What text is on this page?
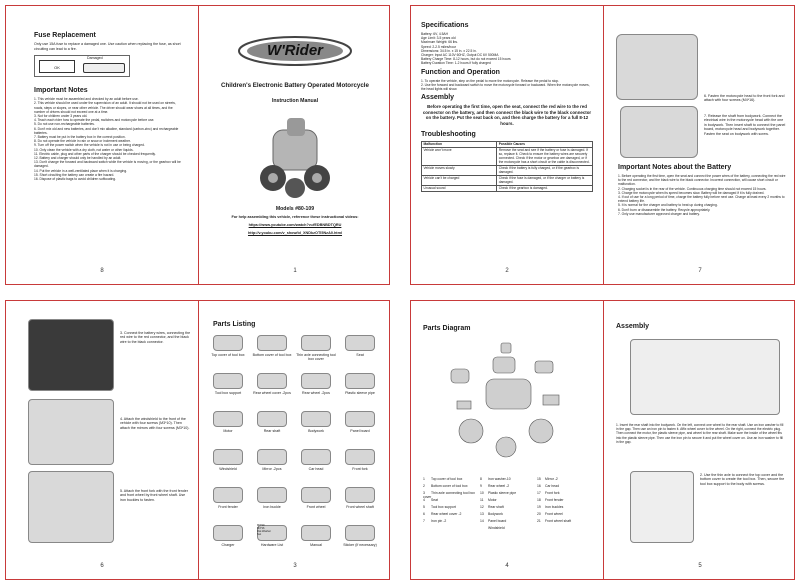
Fuse Replacement

Only use 15A fuse to replace a damaged one. Use caution when replacing the fuse, as short circuiting can lead to a fire.

OK
Damaged
Important Notes
1. This vehicle must be assembled and checked by an adult before use.
2. This vehicle should be used under the supervision of an adult. It should not be used on streets, roads, steps or slopes, or near other vehicle. The driver should wear shoes at all times, and the number of drivers should not exceed one at a time.
3. Not for children under 3 years old.
4. Teach each rider how to operate the pedal, switches and motorcycle before use.
5. Do not use non-rechargeable batteries.
6. Don't mix old and new batteries, and don't mix alkaline, standard (carbon-zinc) and rechargeable batteries.
7. Battery must be put in the battery box in the correct position.
8. Do not operate the vehicle in rain or snow or inclement weather.
9. Turn off the power switch when the vehicle is not in use or being charged.
10. Only clean the vehicle with a dry cloth, not water or other liquids.
11. Electric cable, plug and other parts of the charger should be checked frequently.
12. Battery and charger should only be handled by an adult.
13. Don't change the forward and backward switch while the vehicle is moving, or the gearbox will be damaged.
14. Put the vehicle in a well-ventilated place when it is charging.
15. Short circuiting the battery can create a fire hazard.
16. Dispose of plastic bags to avoid children suffocating.
8
W'Rider
Children's Electronic Battery Operated Motorcycle
Instruction Manual
Models #80-109
For help assembling this vehicle, reference these instructional videos:
https://www.youtube.com/watch?v=fEDBNBDTQRU
http://v.youku.com/v_show/id_XNDkzOTI5NzA0.html
1
Specifications
Battery: 6V, 4.5AH
Age Limit: 3-5 years old
Maximum Weight: 66 lbs.
Speed: 2-2.5 miles/hour
Dimensions: 34.5 in. x 15 in. x 22.5 in.
Charger: Input AC 110V 60HZ, Output DC 6V 500MA
Battery Charge Time: 8-12 hours, but do not exceed 15 hours
Battery Duration Time: 1-2 hours if fully charged
Function and Operation
1. To operate the vehicle, step on the pedal to move the motorcycle. Release the pedal to stop.
2. Use the forward and backward switch to move the motorcycle forward or backward. When the motorcycle moves, the head lights will show.
Assembly

Before operating the first time, open the seat, connect the red wire to the red connector on the battery, and then connect the black wire to the black connector on the battery. Put the seat back on, and then charge the battery for a full 8-12 hours.

Troubleshooting
Malfunction	Possible Causes
Vehicle won't move	Remove the seat and see if the battery or fuse is damaged. If so, replace it. Check to ensure the battery wires are securely connected. Check if the motor or gearbox are damaged, or if the motorcycle has a short circuit or the cable is disconnected.
Vehicle moves slowly	Check if the battery is fully charged, or if the gearbox is damaged.
Vehicle can't be charged	Check if the fuse is damaged, or if the charger or battery is damaged.
Unusual sound	Check if the gearbox is damaged.
2

6. Fasten the motorcycle head to the front fork and attach with four screws (M4*16).

7. Release the shaft from bodywork. Connect the electrical wire in the motorcycle head with the one in bodywork. Then insert shaft to connect the panel board, motorcycle head and bodywork together. Fasten the seat on bodywork with screw.

Important Notes about the Battery
1. Before operating the first time, open the seat and connect the power wires of the battery, connecting the red wire to the red connector, and the black wire to the black connector. Incorrect connection, will cause short circuit or malfunction.
2. Charging socket is in the rear of the vehicle. Continuous charging time should not exceed 15 hours.
3. Charge the motorcycle when its speed becomes slow. Battery will be damaged if it is fully drained.
4. If out of use for a long period of time, charge the battery fully before next use. Charge at least every 2 months to extend battery life.
5. It is normal for the charger and battery to heat up during charging.
6. Don't burn or disassemble the battery. Recycle appropriately.
7. Only use manufacturer approved charger and battery.
7

3. Connect the battery wires, connecting the red wire to the red connector, and the black wire to the black connector.

4. Attach the windshield to the front of the vehicle with four screws (M3*10). Then attach the mirrors with four screws (M3*10).

5. Attach the front fork with the front fender and front wheel by front wheel shaft. Use iron buckles to fasten.

6
Parts Listing
Top cover of tool box	Bottom cover of tool box	Thin axle connecting tool box cover
Seat
Tool box support	Rear wheel cover -2pcs	Rear wheel -2pcs	Plastic sleeve pipe
Motor	Rear shaft	Bodywork	Panel board
Windshield	Mirror -2pcs	Car head	Front fork
Front fender	Iron buckle	Front wheel	Front wheel shaft
Charger	Hardware List	Manual	Sticker (if necessary)
M3*10
M4*16
Flat Washer
Nut
3
Parts Diagram
1 Top cover of tool box	8 Iron washer-10	15 Mirror -2
2 Bottom cover of tool box	9 Rear wheel -2	16 Car head
3 Thin axle connecting tool box cover
10 Plastic sleeve pipe	17 Front fork
4 Seat	11 Motor	18 Front fender
5 Tool box support	12 Rear shaft	19 Iron buckles
6 Rear wheel cover -2	13 Bodywork	20 Front wheel
7 Iron pin -2	14 Panel board	21 Front wheel shaft
Windshield
4
Assembly

1. Insert the rear shaft into the bodywork. On the left, connect one wheel to the rear shaft. Use an iron washer to fill in the gap. Then use an iron pin to fasten it. Affix wheel cover to the wheel. On the right, connect the electric plug. Then connect the motor, the plastic sleeve pipe, and wheel to the rear shaft. Make sure the inside of the wheel fits into the plastic sleeve pipe. Then use the iron pin to secure it and put the wheel cover on. Use an iron washer to fill in the gap.

2. Use the thin axle to connect the top cover and the bottom cover to create the tool box. Then, secure the tool box support to the body with screws.

5
